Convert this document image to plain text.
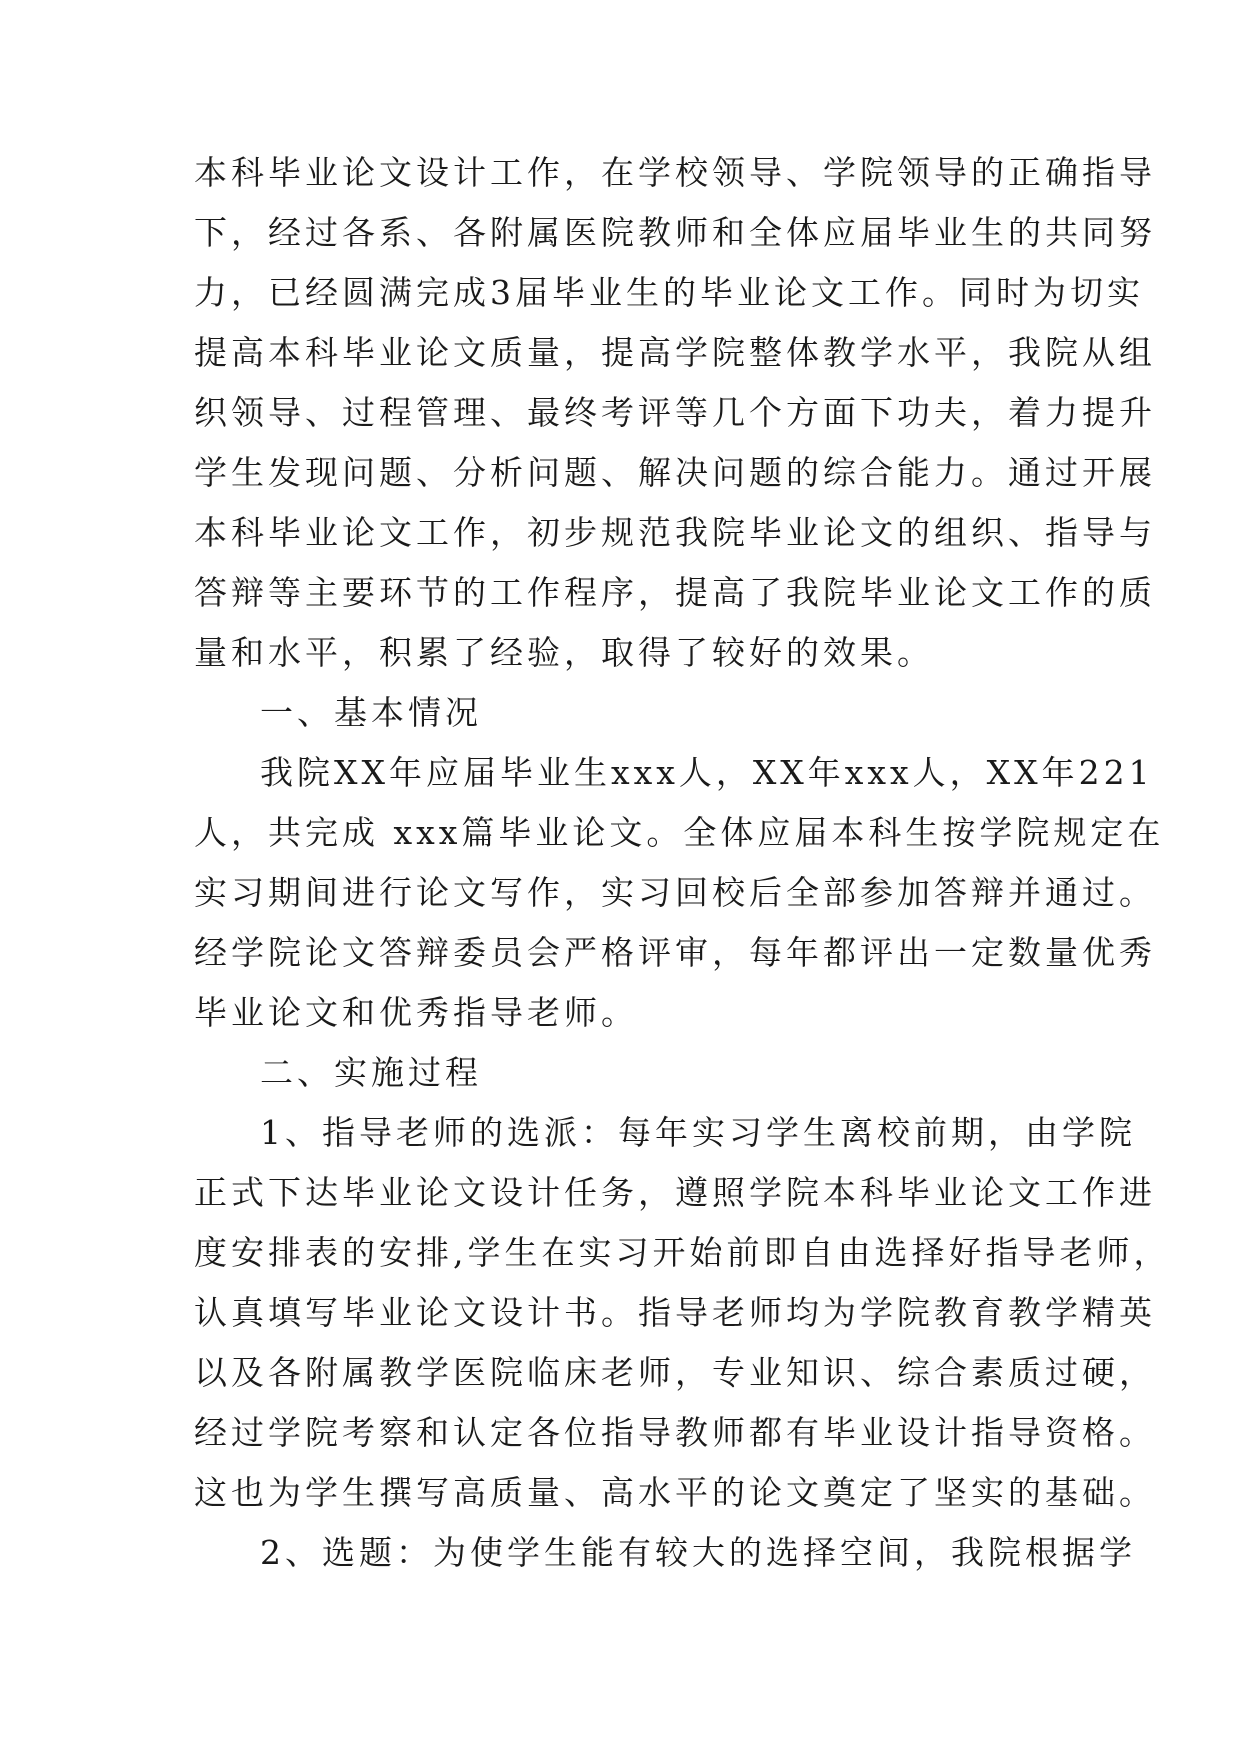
本科毕业论文设计工作，在学校领导、学院领导的正确指导
下，经过各系、各附属医院教师和全体应届毕业生的共同努
力，已经圆满完成3届毕业生的毕业论文工作。同时为切实
提高本科毕业论文质量，提高学院整体教学水平，我院从组
织领导、过程管理、最终考评等几个方面下功夫，着力提升
学生发现问题、分析问题、解决问题的综合能力。通过开展
本科毕业论文工作，初步规范我院毕业论文的组织、指导与
答辩等主要环节的工作程序，提高了我院毕业论文工作的质
量和水平，积累了经验，取得了较好的效果。
一、基本情况
我院XX年应届毕业生xxx人，XX年xxx人，XX年221
人，共完成 xxx篇毕业论文。全体应届本科生按学院规定在
实习期间进行论文写作，实习回校后全部参加答辩并通过。
经学院论文答辩委员会严格评审，每年都评出一定数量优秀
毕业论文和优秀指导老师。
二、实施过程
1、指导老师的选派：每年实习学生离校前期，由学院
正式下达毕业论文设计任务，遵照学院本科毕业论文工作进
度安排表的安排,学生在实习开始前即自由选择好指导老师，
认真填写毕业论文设计书。指导老师均为学院教育教学精英
以及各附属教学医院临床老师，专业知识、综合素质过硬，
经过学院考察和认定各位指导教师都有毕业设计指导资格。
这也为学生撰写高质量、高水平的论文奠定了坚实的基础。
2、选题：为使学生能有较大的选择空间，我院根据学
